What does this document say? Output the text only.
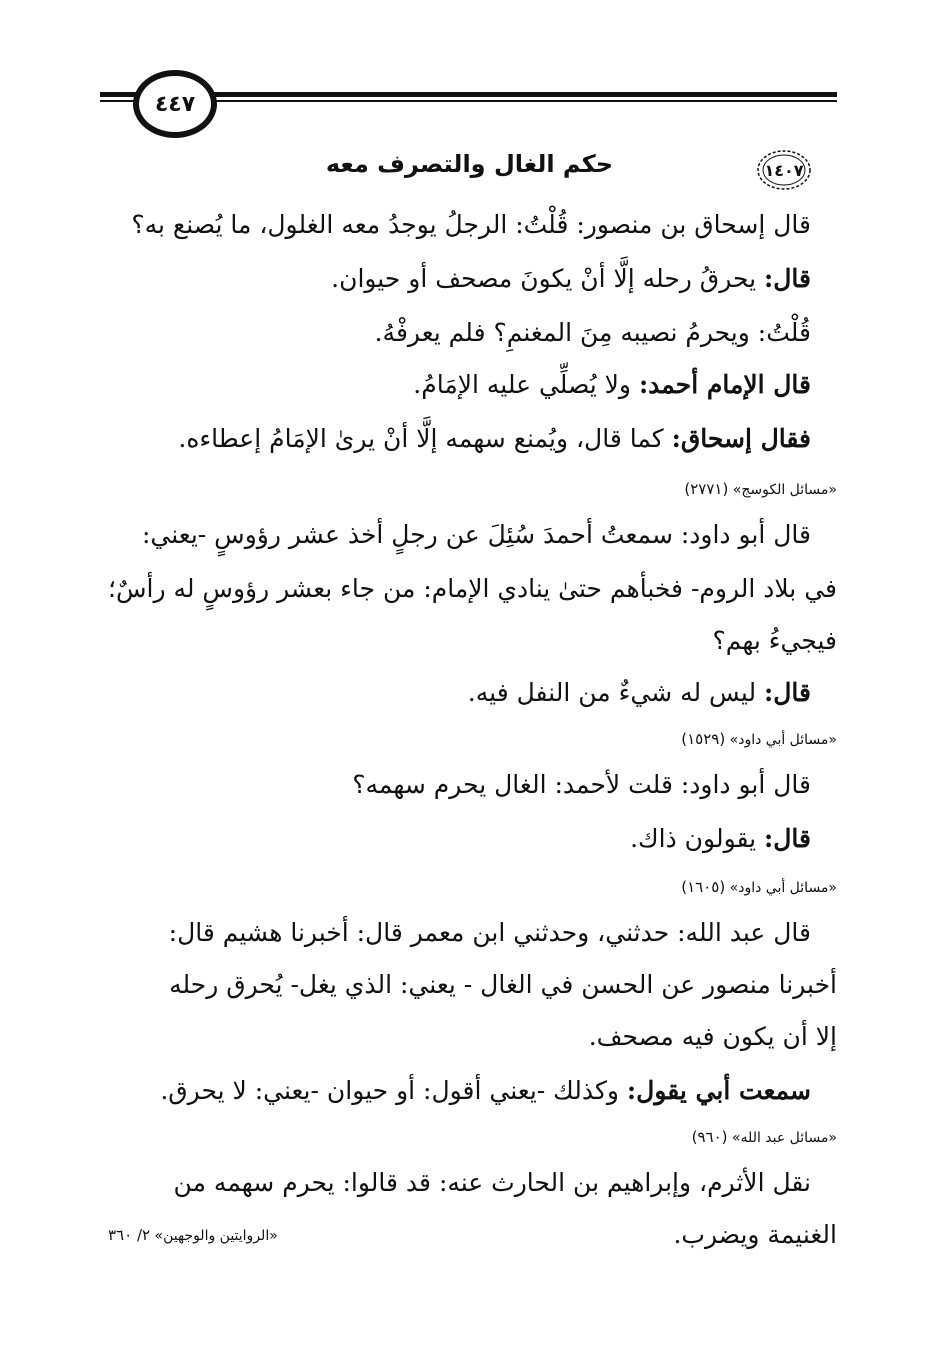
٤٤٧
١٤٠٧
حكم الغال والتصرف معه
قال إسحاق بن منصور: قُلْتُ: الرجلُ يوجدُ معه الغلول، ما يُصنع به؟
قال: يحرقُ رحله إلَّا أنْ يكونَ مصحف أو حيوان.
قُلْتُ: ويحرمُ نصيبه مِنَ المغنمِ؟ فلم يعرفْهُ.
قال الإمام أحمد: ولا يُصلِّي عليه الإمَامُ.
فقال إسحاق: كما قال، ويُمنع سهمه إلَّا أنْ يرىٰ الإمَامُ إعطاءه.
«مسائل الكوسج» (٢٧٧١)
قال أبو داود: سمعتُ أحمدَ سُئِلَ عن رجلٍ أخذ عشر رؤوسٍ -يعني:
في بلاد الروم- فخبأهم حتىٰ ينادي الإمام: من جاء بعشر رؤوسٍ له رأسٌ؛
فيجيءُ بهم؟
قال: ليس له شيءٌ من النفل فيه.
«مسائل أبي داود» (١٥٢٩)
قال أبو داود: قلت لأحمد: الغال يحرم سهمه؟
قال: يقولون ذاك.
«مسائل أبي داود» (١٦٠٥)
قال عبد الله: حدثني، وحدثني ابن معمر قال: أخبرنا هشيم قال:
أخبرنا منصور عن الحسن في الغال - يعني: الذي يغل- يُحرق رحله
إلا أن يكون فيه مصحف.
سمعت أبي يقول: وكذلك -يعني أقول: أو حيوان -يعني: لا يحرق.
«مسائل عبد الله» (٩٦٠)
نقل الأثرم، وإبراهيم بن الحارث عنه: قد قالوا: يحرم سهمه من
الغنيمة ويضرب.
«الروايتين والوجهين» ٢/ ٣٦٠
